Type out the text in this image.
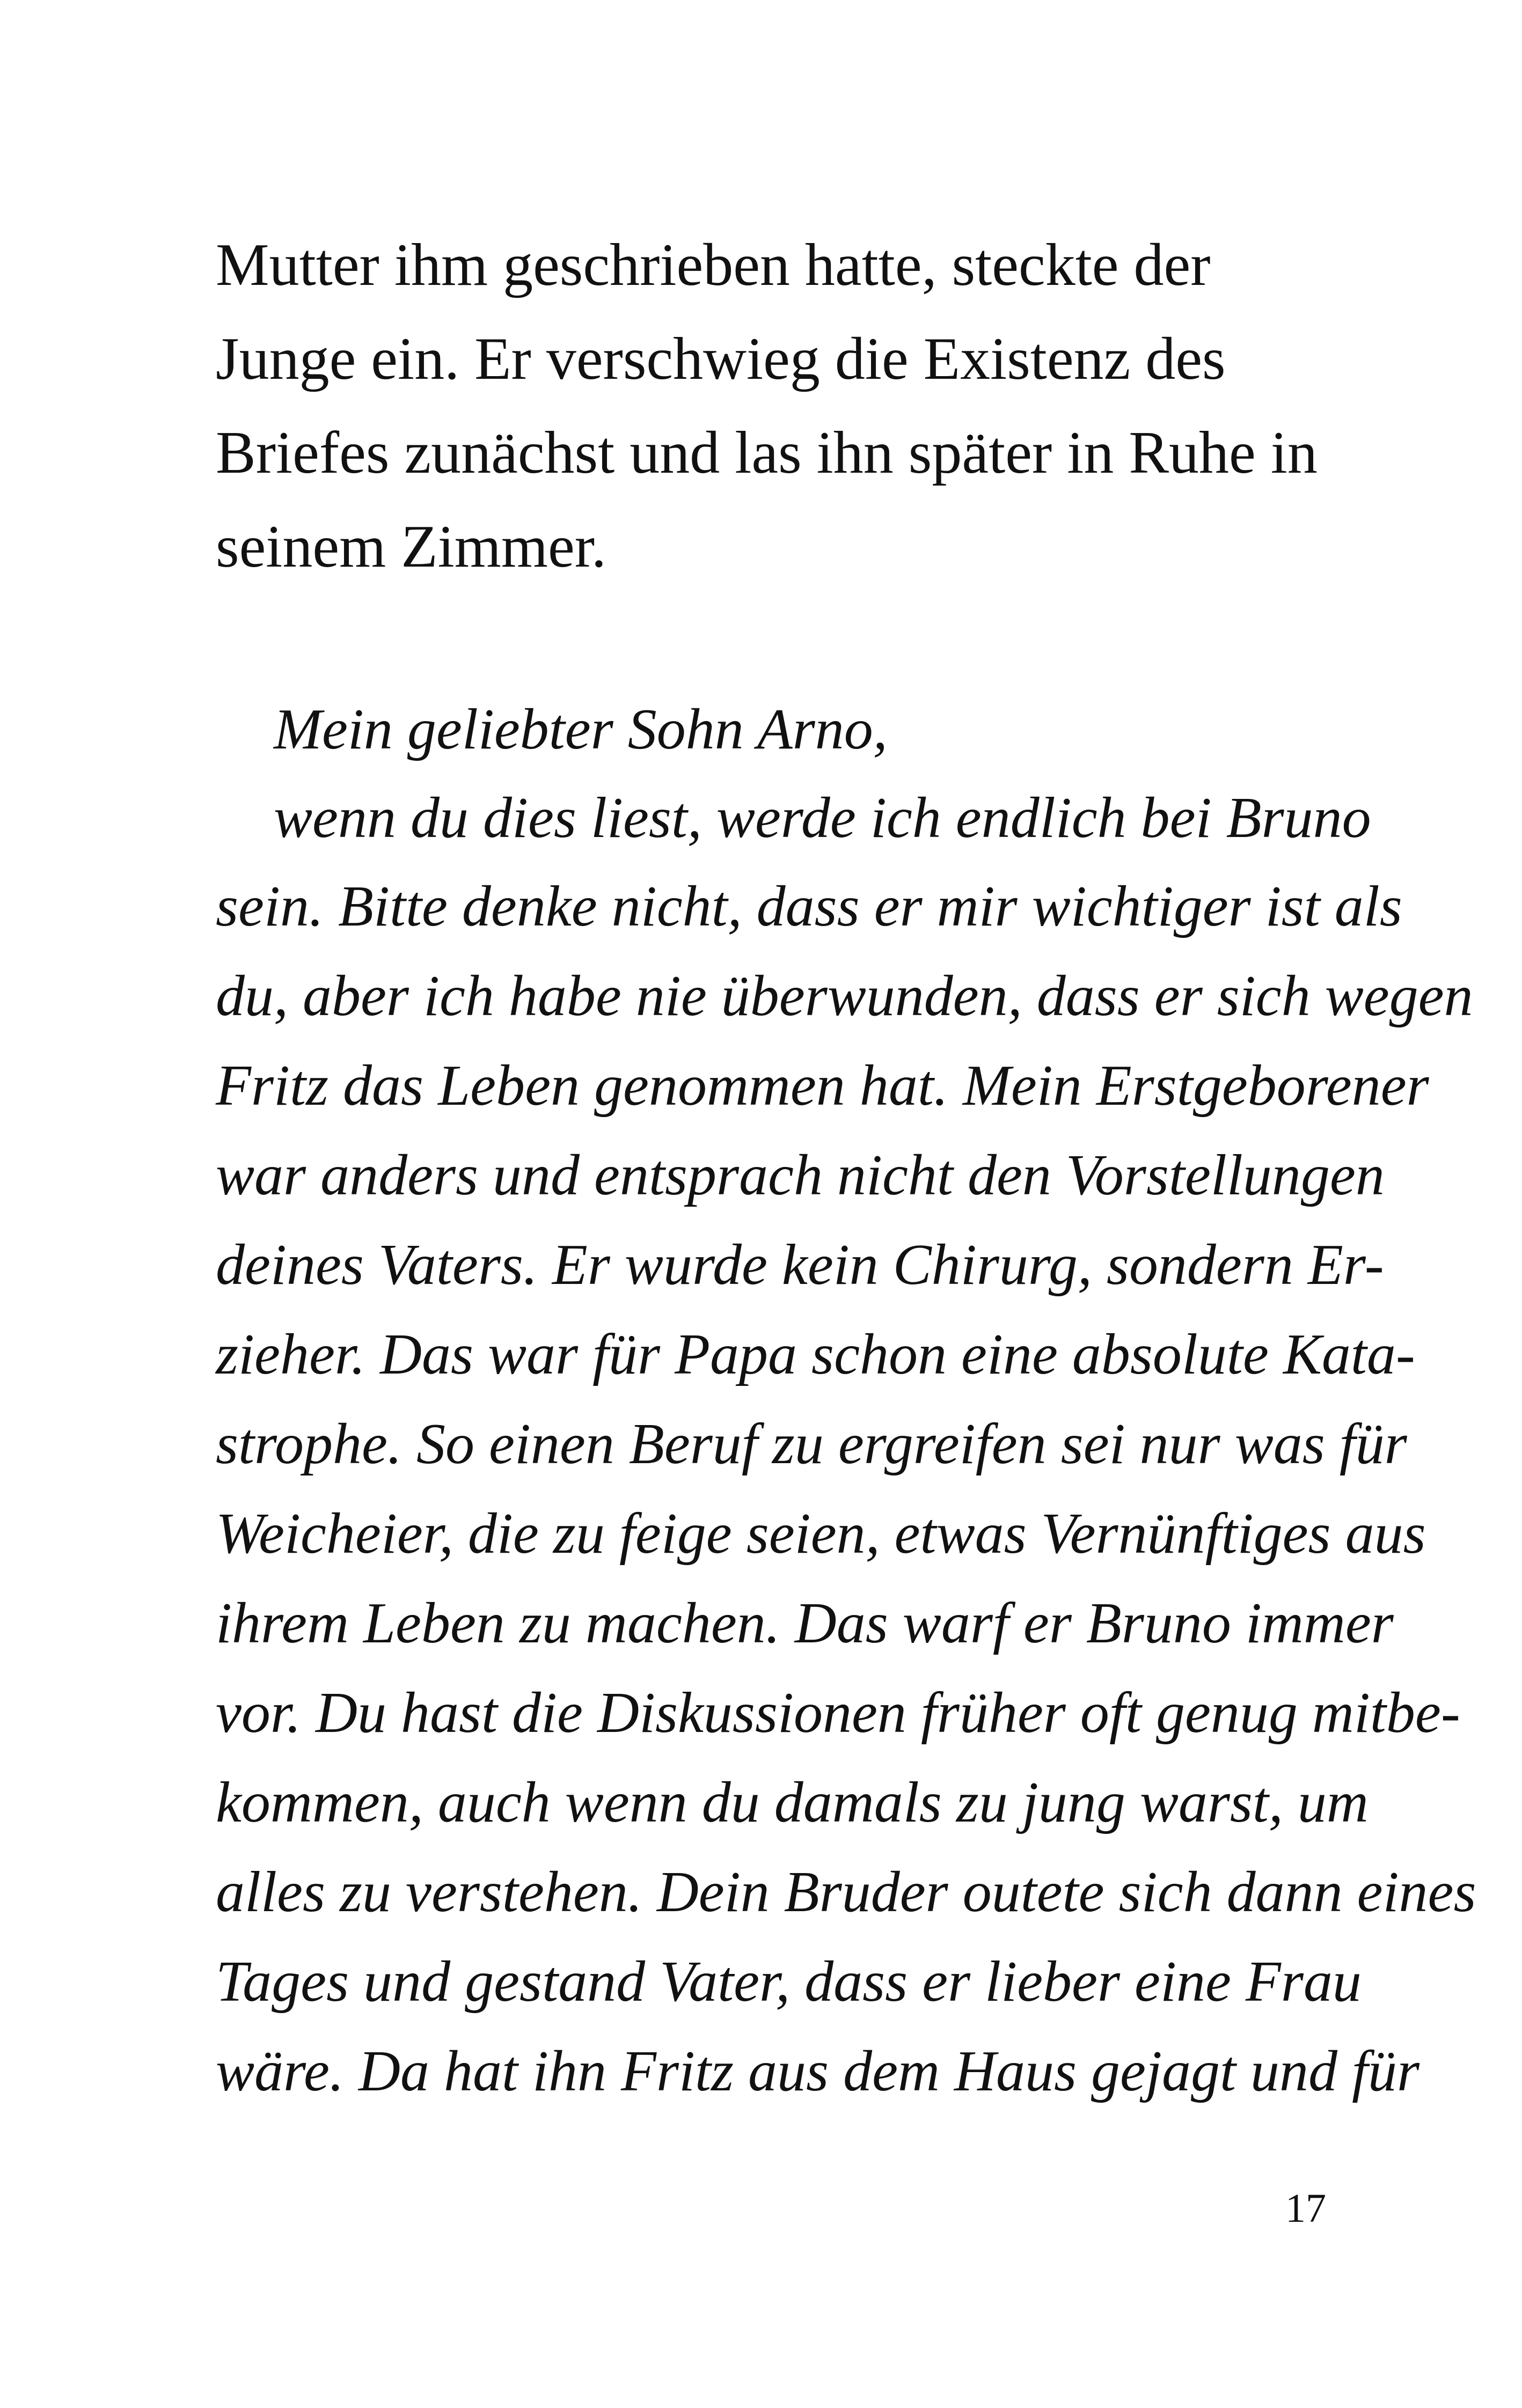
Mutter ihm geschrieben hatte, steckte der
Junge ein. Er verschwieg die Existenz des
Briefes zunächst und las ihn später in Ruhe in
seinem Zimmer.
Mein geliebter Sohn Arno,
wenn du dies liest, werde ich endlich bei Bruno
sein. Bitte denke nicht, dass er mir wichtiger ist als
du, aber ich habe nie überwunden, dass er sich wegen
Fritz das Leben genommen hat. Mein Erstgeborener
war anders und entsprach nicht den Vorstellungen
deines Vaters. Er wurde kein Chirurg, sondern Er-
zieher. Das war für Papa schon eine absolute Kata-
strophe. So einen Beruf zu ergreifen sei nur was für
Weicheier, die zu feige seien, etwas Vernünftiges aus
ihrem Leben zu machen. Das warf er Bruno immer
vor. Du hast die Diskussionen früher oft genug mitbe-
kommen, auch wenn du damals zu jung warst, um
alles zu verstehen. Dein Bruder outete sich dann eines
Tages und gestand Vater, dass er lieber eine Frau
wäre. Da hat ihn Fritz aus dem Haus gejagt und für
17
